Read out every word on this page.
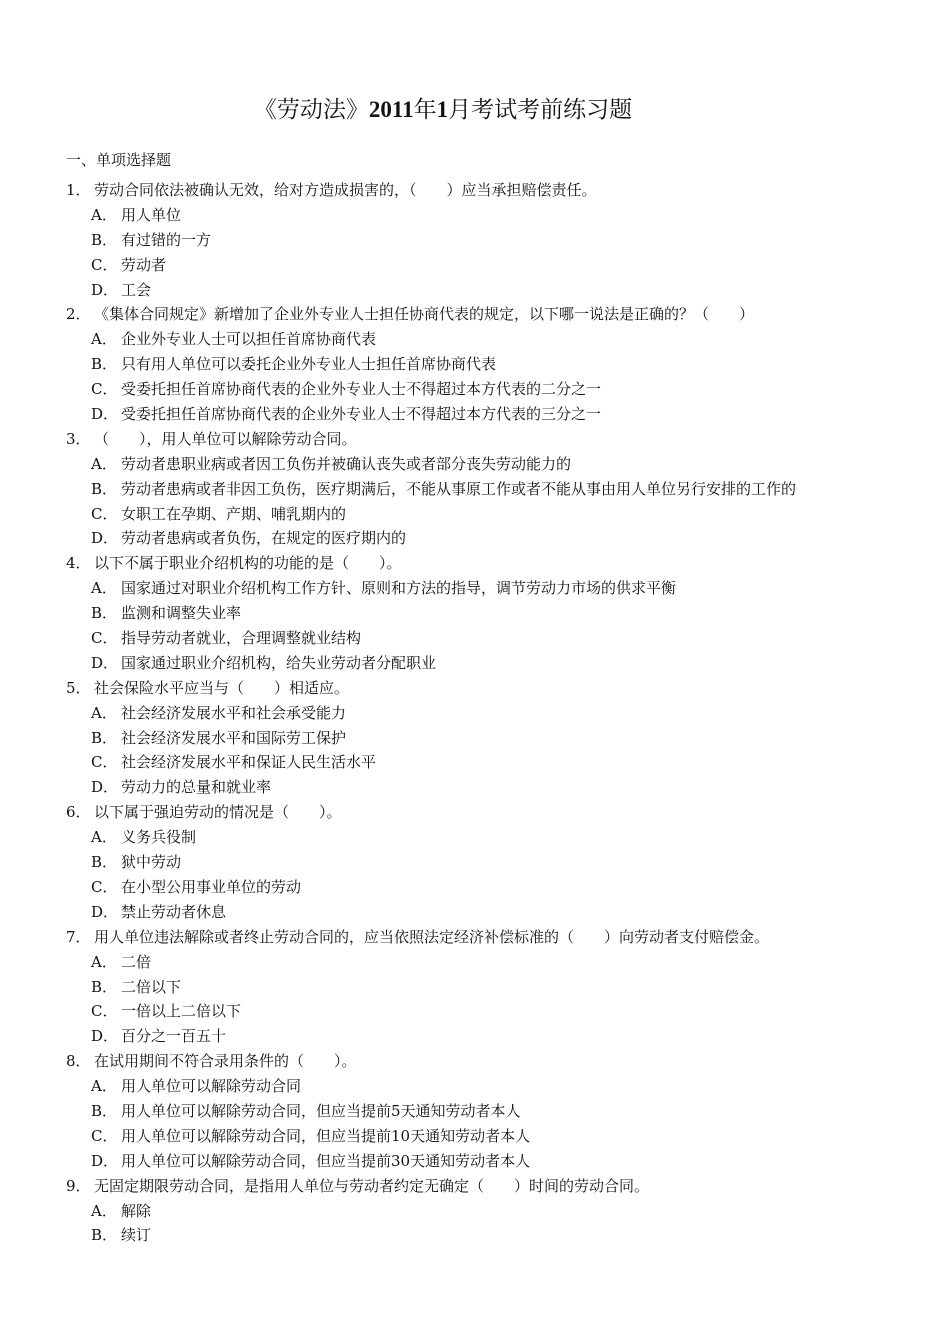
《劳动法》2011年1月考试考前练习题
一、单项选择题
1． 劳动合同依法被确认无效，给对方造成损害的，（　　）应当承担赔偿责任。
A． 用人单位
B． 有过错的一方
C． 劳动者
D． 工会
2． 《集体合同规定》新增加了企业外专业人士担任协商代表的规定，以下哪一说法是正确的？（　　）
A． 企业外专业人士可以担任首席协商代表
B． 只有用人单位可以委托企业外专业人士担任首席协商代表
C． 受委托担任首席协商代表的企业外专业人士不得超过本方代表的二分之一
D． 受委托担任首席协商代表的企业外专业人士不得超过本方代表的三分之一
3． （　　），用人单位可以解除劳动合同。
A． 劳动者患职业病或者因工负伤并被确认丧失或者部分丧失劳动能力的
B． 劳动者患病或者非因工负伤，医疗期满后，不能从事原工作或者不能从事由用人单位另行安排的工作的
C． 女职工在孕期、产期、哺乳期内的
D． 劳动者患病或者负伤，在规定的医疗期内的
4． 以下不属于职业介绍机构的功能的是（　　）。
A． 国家通过对职业介绍机构工作方针、原则和方法的指导，调节劳动力市场的供求平衡
B． 监测和调整失业率
C． 指导劳动者就业，合理调整就业结构
D． 国家通过职业介绍机构，给失业劳动者分配职业
5． 社会保险水平应当与（　　）相适应。
A． 社会经济发展水平和社会承受能力
B． 社会经济发展水平和国际劳工保护
C． 社会经济发展水平和保证人民生活水平
D． 劳动力的总量和就业率
6． 以下属于强迫劳动的情况是（　　）。
A． 义务兵役制
B． 狱中劳动
C． 在小型公用事业单位的劳动
D． 禁止劳动者休息
7． 用人单位违法解除或者终止劳动合同的，应当依照法定经济补偿标准的（　　）向劳动者支付赔偿金。
A． 二倍
B． 二倍以下
C． 一倍以上二倍以下
D． 百分之一百五十
8． 在试用期间不符合录用条件的（　　）。
A． 用人单位可以解除劳动合同
B． 用人单位可以解除劳动合同，但应当提前5天通知劳动者本人
C． 用人单位可以解除劳动合同，但应当提前10天通知劳动者本人
D． 用人单位可以解除劳动合同，但应当提前30天通知劳动者本人
9． 无固定期限劳动合同，是指用人单位与劳动者约定无确定（　　）时间的劳动合同。
A． 解除
B． 续订
